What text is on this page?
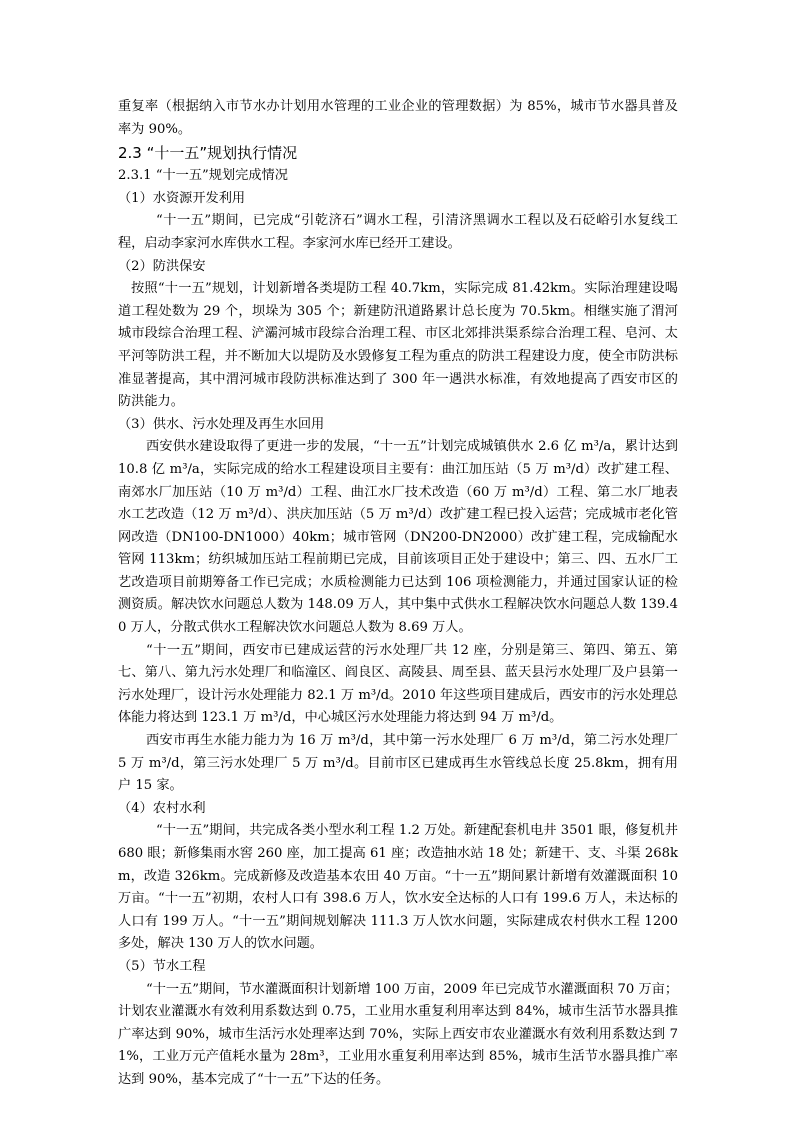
重复率（根据纳入市节水办计划用水管理的工业企业的管理数据）为 85%，城市节水器具普及率为 90%。

2.3 “十一五”规划执行情况

2.3.1 “十一五”规划完成情况

（1）水资源开发利用

“十一五”期间，已完成“引乾济石”调水工程，引清济黑调水工程以及石砭峪引水复线工程，启动李家河水库供水工程。李家河水库已经开工建设。

（2）防洪保安

按照“十一五”规划，计划新增各类堤防工程 40.7km，实际完成 81.42km。实际治理建设喝道工程处数为 29 个，坝垛为 305 个；新建防汛道路累计总长度为 70.5km。相继实施了渭河城市段综合治理工程、浐灞河城市段综合治理工程、市区北郊排洪渠系综合治理工程、皂河、太平河等防洪工程，并不断加大以堤防及水毁修复工程为重点的防洪工程建设力度，使全市防洪标准显著提高，其中渭河城市段防洪标准达到了 300 年一遇洪水标准，有效地提高了西安市区的防洪能力。

（3）供水、污水处理及再生水回用

西安供水建设取得了更进一步的发展，“十一五”计划完成城镇供水 2.6 亿 m³/a，累计达到 10.8 亿 m³/a，实际完成的给水工程建设项目主要有：曲江加压站（5 万 m³/d）改扩建工程、南郊水厂加压站（10 万 m³/d）工程、曲江水厂技术改造（60 万 m³/d）工程、第二水厂地表水工艺改造（12 万 m³/d）、洪庆加压站（5 万 m³/d）改扩建工程已投入运营；完成城市老化管网改造（DN100-DN1000）40km；城市管网（DN200-DN2000）改扩建工程，完成输配水管网 113km；纺织城加压站工程前期已完成，目前该项目正处于建设中；第三、四、五水厂工艺改造项目前期筹备工作已完成；水质检测能力已达到 106 项检测能力，并通过国家认证的检测资质。解决饮水问题总人数为 148.09 万人，其中集中式供水工程解决饮水问题总人数 139.40 万人，分散式供水工程解决饮水问题总人数为 8.69 万人。

“十一五”期间，西安市已建成运营的污水处理厂共 12 座，分别是第三、第四、第五、第七、第八、第九污水处理厂和临潼区、阎良区、高陵县、周至县、蓝天县污水处理厂及户县第一污水处理厂，设计污水处理能力 82.1 万 m³/d。2010 年这些项目建成后，西安市的污水处理总体能力将达到 123.1 万 m³/d，中心城区污水处理能力将达到 94 万 m³/d。

西安市再生水能力能力为 16 万 m³/d，其中第一污水处理厂 6 万 m³/d，第二污水处理厂 5 万 m³/d，第三污水处理厂 5 万 m³/d。目前市区已建成再生水管线总长度 25.8km，拥有用户 15 家。

（4）农村水利

“十一五”期间，共完成各类小型水利工程 1.2 万处。新建配套机电井 3501 眼，修复机井 680 眼；新修集雨水窖 260 座，加工提高 61 座；改造抽水站 18 处；新建干、支、斗渠 268km，改造 326km。完成新修及改造基本农田 40 万亩。“十一五”期间累计新增有效灌溉面积 10 万亩。“十一五”初期，农村人口有 398.6 万人，饮水安全达标的人口有 199.6 万人，未达标的人口有 199 万人。“十一五”期间规划解决 111.3 万人饮水问题，实际建成农村供水工程 1200 多处，解决 130 万人的饮水问题。

（5）节水工程

“十一五”期间，节水灌溉面积计划新增 100 万亩，2009 年已完成节水灌溉面积 70 万亩；计划农业灌溉水有效利用系数达到 0.75，工业用水重复利用率达到 84%，城市生活节水器具推广率达到 90%，城市生活污水处理率达到 70%，实际上西安市农业灌溉水有效利用系数达到 71%，工业万元产值耗水量为 28m³，工业用水重复利用率达到 85%，城市生活节水器具推广率达到 90%，基本完成了“十一五”下达的任务。
